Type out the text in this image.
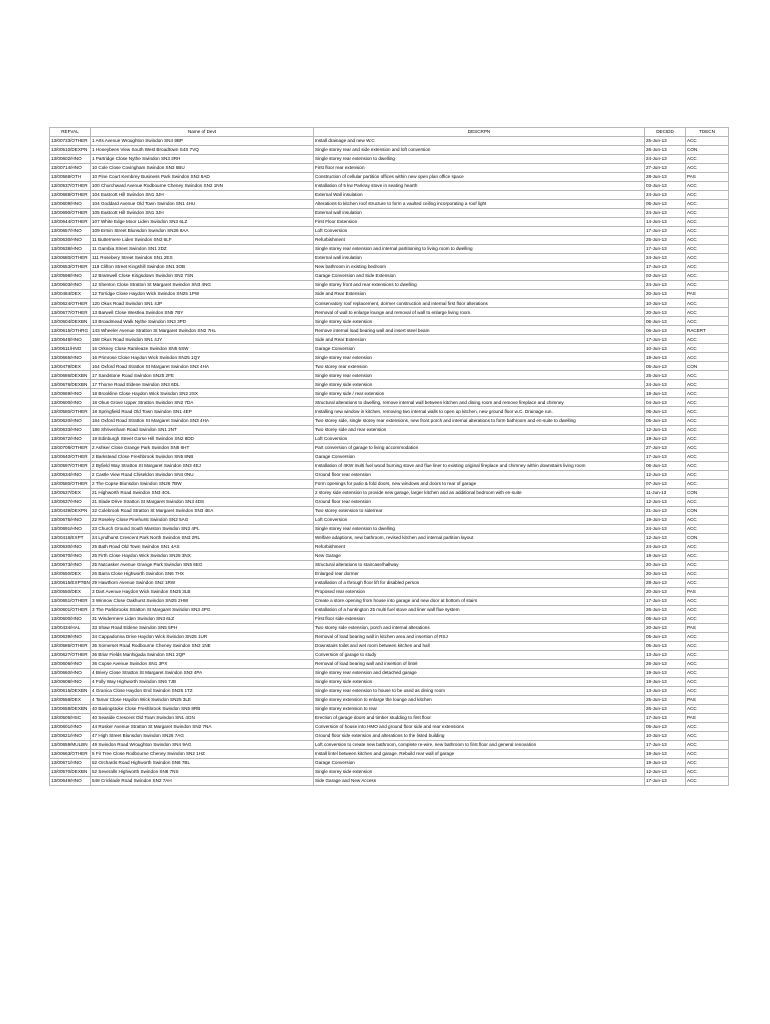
REFVAL	Name of Devt	DESCRPN	DECIDD	TDECN
13/00733/OTHER	1 Arts Avenue Wroughton Swindon SN4 9BP	Install drainage and new W.C	25-Jun-13	ACC
13/00510/DEXPN	1 Honeybees View South West Broadtown S4S 7VQ	Single storey rear and side extension and loft conversion	26-Jun-13	CON
13/00602/HNO	1 Partridge Close Nythe Swindon SN3 3RH	Single storey rear extension to dwelling	24-Jun-13	ACC
13/00714/HNO	10 Cole Close Covingham Swindon SN3 5BU	First floor rear extension	27-Jun-13	ACC
13/00568/OTH	10 Pine Court Kembrey Business Park Swindon SN2 8AD	Construction of cellular partition offices within new open plan office space	28-Jun-13	PAS
13/00537/OTHER	100 Churchward Avenue Rodbourne Cheney Swindon SN2 1NN	Installation of 5 kw Parkray stove in seating hearth	03-Jun-13	ACC
13/00688/OTHER	104 Eastcott Hill Swindon SN1 3JH	External Wall insulation	24-Jun-13	ACC
13/00609/HNO	104 Goddard Avenue Old Town Swindon SN1 4HU	Alterations to kitchen roof structure to form a vaulted ceiling incorporating a roof light	05-Jun-13	ACC
13/00690/OTHER	105 Eastcott Hill Swindon SN1 3JH	External wall insulation	24-Jun-13	ACC
13/00644/OTHER	107 White Edge Moor Liden Swindon SN3 6LZ	First Floor Extension	14-Jun-13	ACC
13/00657/HNO	109 Ermin Street Blunsdon Swindon SN26 8AA	Loft Conversion	17-Jun-13	ACC
13/00630/HNO	11 Buttermere Liden Swindon SN3 6LF	Refurbishment	25-Jun-13	ACC
13/00638/HNO	11 Gambia Street Swindon SN1 2DZ	Single storey rear extension and internal partitioning to living room to dwelling	17-Jun-13	ACC
13/00680/OTHER	111 Rosebery Street Swindon SN1 2ES	External wall insulation	24-Jun-13	ACC
13/00653/OTHER	119 Clifton Street Kingshill Swindon SN1 3OB	New bathroom in existing bedroom	17-Jun-13	ACC
13/00598/HNO	12 Bramwell Close Kingsdown Swindon SN2 7SN	Garage Conversion and Side Extension	03-Jun-13	ACC
13/00603/HNO	12 Shenton Close Stratton St Margaret Swindon SN3 4NG	Single storey front and rear extensions to dwelling	24-Jun-13	ACC
13/00484/DEX	12 Torridge Close Haydon Wick Swindon SN25 1PW	Side and Rear Extension	20-Jun-13	PAS
13/00624/OTHER	120 Okus Road Swindon SN1 4JP	Conservatory roof replacement, dormer construction and internal first floor alterations	10-Jun-13	ACC
13/00677/OTHER	13 Barwell Close Westlea Swindon SN5 7BY	Removal of wall to enlarge lounge and removal of wall to enlarge living room.	20-Jun-13	ACC
13/00604/DEXBN	13 Broadmead Walk Nythe Swindon SN3 3PD	Single storey side extension	06-Jun-13	ACC
13/00615/OTHRG	143 Wheeler Avenue Stratton St Margaret Swindon SN2 7HL	Remove internal load bearing wall and insert steel beam	06-Jun-13	RACERT
13/00648/HNO	158 Okus Road Swindon SN1 4JY	Side and Rear Extension	17-Jun-13	ACC
13/00611/HNO	16 Orkney Close Ramleaze Swindon SN5 5SW	Garage Conversion	10-Jun-13	ACC
13/00665/HNO	16 Primrose Close Haydon Wick Swindon SN25 1QY	Single storey rear extension	19-Jun-13	ACC
13/00479/DEX	164 Oxford Road Stratton St Margaret Swindon SN3 4HA	Two storey rear extension	05-Jun-13	CON
13/00686/DEXBN	17 Sandstone Road Swindon SN25 2FE	Single storey rear extension	25-Jun-13	ACC
13/00676/DEXBN	17 Thorne Road Eldene Swindon SN3 6DL	Single storey side extension	24-Jun-13	ACC
13/00669/HNO	18 Brookline Close Haydon Wick Swindon SN2 2SX	Single storey side / rear extension	19-Jun-13	ACC
13/00600/HNO	18 Okus Grove Upper Stratton Swindon SN2 7DA	Structural alterations to dwelling, remove internal wall between kitchen and dining room and remove fireplace and chimney	04-Jun-13	ACC
13/00580/OTHER	18 Springfield Road Old Town Swindon SN1 4EP	Installing new window in kitchen, removing two internal walls to open up kitchen, new ground floor w.C. Drainage run.	05-Jun-13	ACC
13/00620/HNO	184 Oxford Road Stratton St Margaret Swindon SN3 4HA	Two storey side, single storey rear extensions, new front porch and internal alterations to form bathroom and en-suite to dwelling	05-Jun-13	ACC
13/00633/HNO	186 Shrivenham Road Swindon SN1 2NT	Two storey side and rear extension	12-Jun-13	ACC
13/00672/HNO	19 Edinburgh Street Gorse Hill Swindon SN2 8DD	Loft Conversion	19-Jun-13	ACC
13/00708/OTHER	2 Ashker Close Grange Park Swindon SN5 6HT	Part conversion of garage to living accommodation	27-Jun-13	ACC
13/00640/OTHER	2 Barkstead Close Freshbrook Swindon SN5 8NB	Garage Conversion	17-Jun-13	ACC
13/00597/OTHER	2 Byfield Way Stratton St Margaret Swindon SN3 4EJ	Installation of 4KW multi fuel wood burning stove and flue liner to existing original fireplace and chimney within downstairs living room	06-Jun-13	ACC
13/00634/HNO	2 Castle View Road Chiseldon Swindon SN4 0NU	Ground floor rear extension	12-Jun-13	ACC
13/00580/OTHER	2 The Copse Blunsdon Swindon SN26 7BW	Form openings for patio & fold doors, new windows and doors to rear of garage	07-Jun-13	ACC
13/00537/DEX	21 Highworth Road Swindon SN3 4OL	2 storey side extension to provide new garage, larger kitchen and an additional bedroom with en-suite	11-Jun-13	CON
13/00637/HNO	21 Slade Drive Stratton St Margaret Swindon SN3 4DS	Ground floor rear extension	12-Jun-13	ACC
13/00439/DEXPN	22 Colebrook Road Stratton St Margaret Swindon SN3 4EA	Two storey extension to side/rear	21-Jun-13	CON
13/00675/HNO	22 Roseley Close Pinehurst Swindon SN2 5AG	Loft Conversion	19-Jun-13	ACC
13/00691/HNO	23 Church Ground South Marston Swindon SN3 4PL	Single storey rear extension to dwelling	24-Jun-13	ACC
13/00416/EXPT	24 Lyndhurst Crescent Park North Swindon SN3 2RL	Welfare adaptions, new bathroom, revised kitchen and internal partition layout	12-Jun-13	CON
13/00630/HNO	25 Bath Road Old Town Swindon SN1 4AS	Refurbishment	24-Jun-13	ACC
13/00670/HNO	25 Firth Close Haydon Wick Swindon SN25 3NX	New Garage	19-Jun-13	ACC
13/00673/HNO	25 Nutcasker Avenue Grange Park Swindon SN5 6EG	Structural alterations to staircase/hallway	20-Jun-13	ACC
13/00550/DEX	26 Barra Close Highworth Swindon SN6 7HX	Enlarged rear dormer	20-Jun-13	ACC
13/00615/EXPTBN	29 Hawthorn Avenue Swindon SN2 1RW	Installation of a through floor lift for disabled person	28-Jun-13	ACC
13/00550/DEX	3 Dart Avenue Haydon Wick Swindon SN25 3LB	Proposed rear extension	20-Jun-13	PAS
13/00651/OTHER	3 Winnow Close Oakhurst Swindon SN25 2HW	Create a store opening from house into garage and new door at bottom of stairs	17-Jun-13	ACC
13/00601/OTHER	3 The Parkbrooks Stratton St Margaret Swindon SN3 4PG	Installation of a huntington 25 multi fuel stove and liner wall flue system	26-Jun-13	ACC
13/00600/HNO	31 Windermere Liden Swindon SN3 6LZ	First floor side extension	05-Jun-13	ACC
13/00434/HAL	33 Shaw Road Eldene Swindon SN5 5PH	Two storey side extension, porch and internal alterations	20-Jun-13	PAS
13/00639/HNO	34 Cappadonna Drive Haydon Wick Swindon SN25 1UR	Removal of load bearing wall in kitchen area and insertion of RSJ	05-Jun-13	ACC
13/00586/OTHER	35 Somerset Road Rodbourne Cheney Swindon SN2 1NE	Downstairs toilet and wet room between kitchen and hall	05-Jun-13	ACC
13/00627/OTHER	36 Briar Fields Manhigada Swindon SN1 2QP	Conversion of garage to study	13-Jun-13	ACC
13/00606/HNO	36 Copse Avenue Swindon SN1 3PX	Removal of load bearing wall and insertion of lintel	26-Jun-13	ACC
13/00660/HNO	4 Briery Close Stratton St Margaret Swindon SN3 4PA	Single storey rear extension and detached garage	19-Jun-13	ACC
13/00608/HNO	4 Folly Way Highworth Swindon SN6 7JB	Single storey side extension	19-Jun-13	ACC
13/00615/DEXBN	4 Granica Close Haydon End Swindon SN25 1TZ	Single storey rear extension to house to be used as dining room	13-Jun-13	ACC
13/00558/DEX	4 Tamar Close Haydon Wick Swindon SN25 3LE	Single storey extension to enlarge the lounge and kitchen	25-Jun-13	PAS
13/00658/DEXBN	40 Basingstoke Close Freshbrook Swindon SN5 8RB	Single storey extension to rear	26-Jun-13	ACC
13/00505/HSC	40 Seaside Crescent Old Town Swindon SN1 4GN	Erection of garage doors and timber studding to first floor	17-Jun-13	PAS
13/00601/HNO	44 Rusker Avenue Stratton St Margaret Swindon SN2 7NA	Conversion of house into HMO and ground floor side and rear extensions	05-Jun-13	ACC
13/00621/HNO	47 High Street Blunsdon Swindon SN26 7AG	Ground floor side extension and alterations to the listed building	10-Jun-13	ACC
13/00659/MULBN	49 Swindon Road Wroughton Swindon SN4 9AG	Loft conversion to create new bathroom, complete re-wire, new bathroom to first floor and general renovation	17-Jun-13	ACC
13/00663/OTHER	5 Fir Tree Close Rodbourne Cheney Swindon SN2 1HZ	Install lintel between kitchen and garage. Rebuild rear wall of garage	19-Jun-13	ACC
13/00671/HNO	52 Orchards Road Highworth Swindon SN6 7BL	Garage Conversion	19-Jun-13	ACC
13/00570/DEXBN	52 Severalls Highworth Swindon SN6 7NS	Single storey side extension	12-Jun-13	ACC
13/00649/HNO	548 Cricklade Road Swindon SN2 7AH	Side Garage and New Access	17-Jun-13	ACC
